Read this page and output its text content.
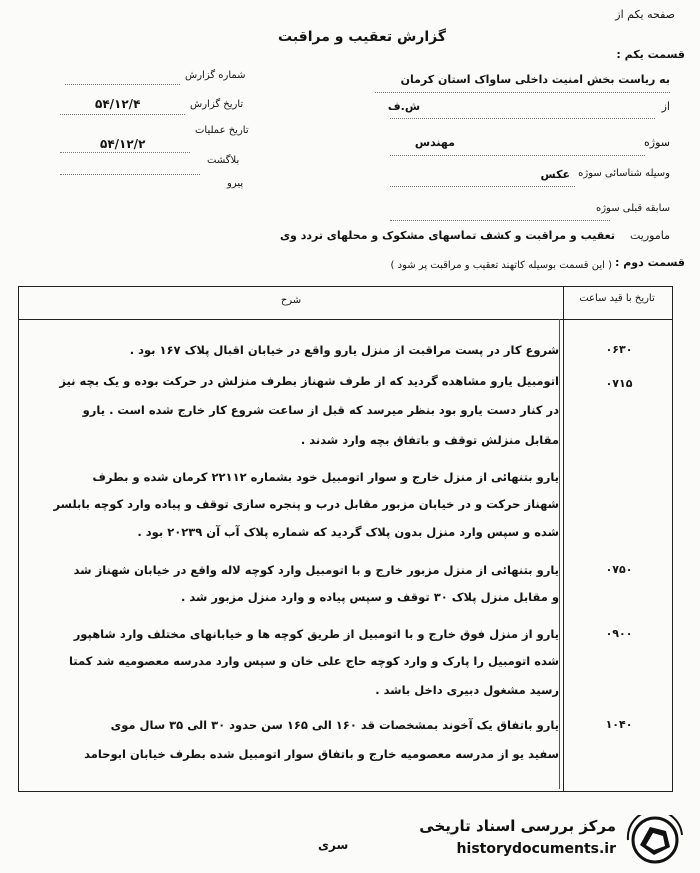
صفحه یکم از
گزارش تعقیب و مراقبت
قسمت یکم :
به ریاست بخش امنیت داخلی ساواک استان کرمان
از
ش.ف
سوژه
مهندس
وسیله شناسائی سوژه
عکس
سابقه قبلی سوژه
ماموریت
تعقیب و مراقبت و کشف تماسهای مشکوک و محلهای تردد وی
قسمت دوم :
( این قسمت بوسیله کاتهند تعقیب و مراقبت پر شود )
شماره گزارش
تاریخ گزارش
۵۴/۱۲/۴
تاریخ عملیات
۵۴/۱۲/۲
بلاگشت
پیرو
شرح	تاریخ با قید ساعت
شروع کار در پست مراقبت از منزل یارو واقع در خیابان اقبال پلاک ۱۶۷ بود .	۰۶۳۰
اتومبیل یارو مشاهده گردید که از طرف شهناز بطرف منزلش در حرکت بوده و یک بچه نیز	۰۷۱۵
در کنار دست یارو بود بنظر میرسد که قبل از ساعت شروع کار خارج شده است . یارو
مقابل منزلش توقف و باتفاق بچه وارد شدند .
یارو بتنهائی از منزل خارج و سوار اتومبیل خود بشماره ۲۲۱۱۲ کرمان شده و بطرف
شهناز حرکت و در خیابان مزبور مقابل درب و پنجره سازی توقف و پیاده وارد کوچه بابلسر
شده و سپس وارد منزل بدون پلاک گردید که شماره پلاک آب آن ۲۰۲۳۹ بود .
یارو بتنهائی از منزل مزبور خارج و با اتومبیل وارد کوچه لاله واقع در خیابان شهناز شد	۰۷۵۰
و مقابل منزل پلاک ۳۰ توقف و سپس پیاده و وارد منزل مزبور شد .
یارو از منزل فوق خارج و با اتومبیل از طریق کوچه ها و خیابانهای مختلف وارد شاهپور	۰۹۰۰
شده اتومبیل را پارک و وارد کوچه حاج علی خان و سپس وارد مدرسه معصومیه شد کمتا
رسید مشغول دبیری داخل باشد .
یارو باتفاق یک آخوند بمشخصات قد ۱۶۰ الی ۱۶۵ سن حدود ۳۰ الی ۳۵ سال موی	۱۰۴۰
سفید یو از مدرسه معصومیه خارج و باتفاق سوار اتومبیل شده بطرف خیابان ابوحامد
سری
مرکز بررسی اسناد تاریخی
historydocuments.ir
